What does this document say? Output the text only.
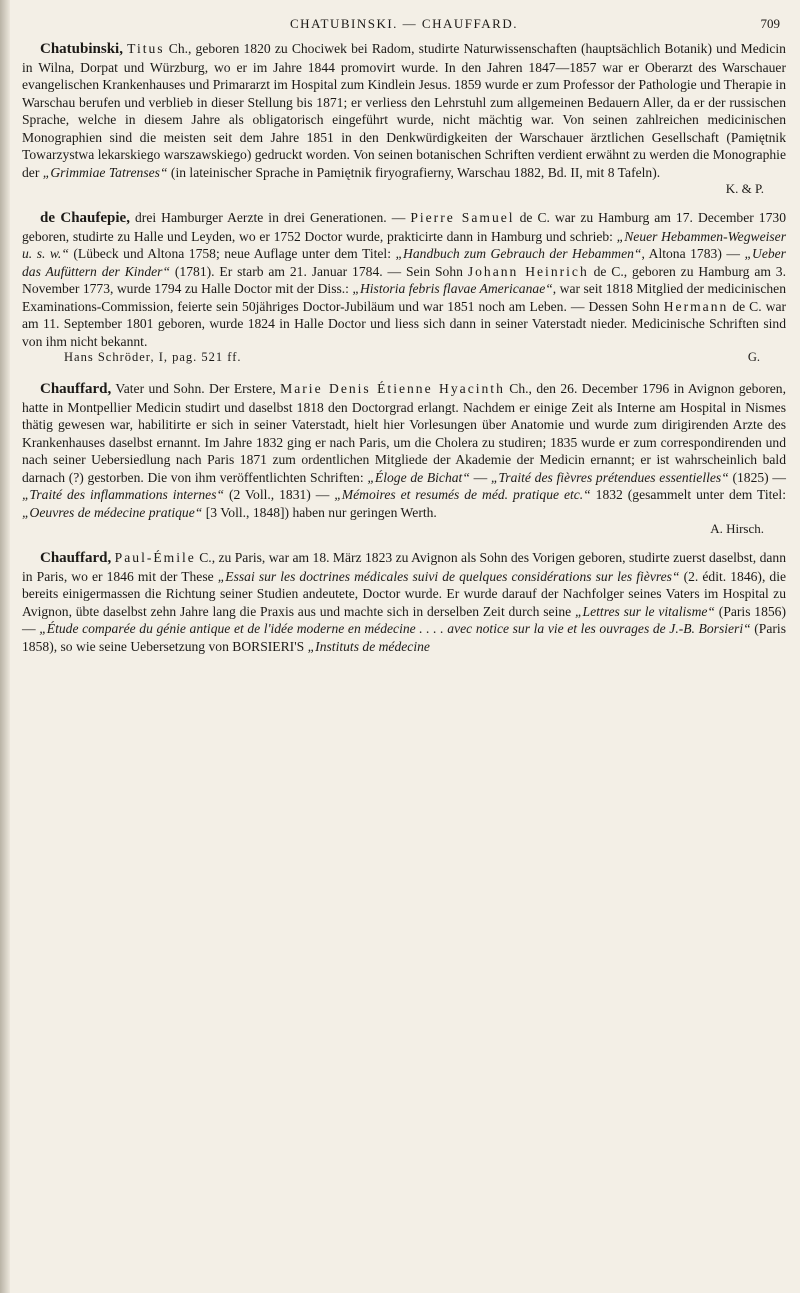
CHATUBINSKI. — CHAUFFARD.	709

Chatubinski, Titus Ch., geboren 1820 zu Chociwek bei Radom, studirte Naturwissenschaften (hauptsächlich Botanik) und Medicin in Wilna, Dorpat und Würzburg, wo er im Jahre 1844 promovirt wurde. In den Jahren 1847—1857 war er Oberarzt des Warschauer evangelischen Krankenhauses und Primararzt im Hospital zum Kindlein Jesus. 1859 wurde er zum Professor der Pathologie und Therapie in Warschau berufen und verblieb in dieser Stellung bis 1871; er verliess den Lehrstuhl zum allgemeinen Bedauern Aller, da er der russischen Sprache, welche in diesem Jahre als obligatorisch eingeführt wurde, nicht mächtig war. Von seinen zahlreichen medicinischen Monographien sind die meisten seit dem Jahre 1851 in den Denkwürdigkeiten der Warschauer ärztlichen Gesellschaft (Pamiętnik Towarzystwa lekarskiego warszawskiego) gedruckt worden. Von seinen botanischen Schriften verdient erwähnt zu werden die Monographie der „Grimmiae Tatrenses“ (in lateinischer Sprache in Pamiętnik firyografierny, Warschau 1882, Bd. II, mit 8 Tafeln).

K. & P.

de Chaufepie, drei Hamburger Aerzte in drei Generationen. — Pierre Samuel de C. war zu Hamburg am 17. December 1730 geboren, studirte zu Halle und Leyden, wo er 1752 Doctor wurde, prakticirte dann in Hamburg und schrieb: „Neuer Hebammen-Wegweiser u. s. w.“ (Lübeck und Altona 1758; neue Auflage unter dem Titel: „Handbuch zum Gebrauch der Hebammen“, Altona 1783) — „Ueber das Aufüttern der Kinder“ (1781). Er starb am 21. Januar 1784. — Sein Sohn Johann Heinrich de C., geboren zu Hamburg am 3. November 1773, wurde 1794 zu Halle Doctor mit der Diss.: „Historia febris flavae Americanae“, war seit 1818 Mitglied der medicinischen Examinations-Commission, feierte sein 50jähriges Doctor-Jubiläum und war 1851 noch am Leben. — Dessen Sohn Hermann de C. war am 11. September 1801 geboren, wurde 1824 in Halle Doctor und liess sich dann in seiner Vaterstadt nieder. Medicinische Schriften sind von ihm nicht bekannt.

Hans Schröder, I, pag. 521 ff.	G.

Chauffard, Vater und Sohn. Der Erstere, Marie Denis Étienne Hyacinth Ch., den 26. December 1796 in Avignon geboren, hatte in Montpellier Medicin studirt und daselbst 1818 den Doctorgrad erlangt. Nachdem er einige Zeit als Interne am Hospital in Nismes thätig gewesen war, habilitirte er sich in seiner Vaterstadt, hielt hier Vorlesungen über Anatomie und wurde zum dirigirenden Arzte des Krankenhauses daselbst ernannt. Im Jahre 1832 ging er nach Paris, um die Cholera zu studiren; 1835 wurde er zum correspondirenden und nach seiner Uebersiedlung nach Paris 1871 zum ordentlichen Mitgliede der Akademie der Medicin ernannt; er ist wahrscheinlich bald darnach (?) gestorben. Die von ihm veröffentlichten Schriften: „Éloge de Bichat“ — „Traité des fièvres prétendues essentielles“ (1825) — „Traité des inflammations internes“ (2 Voll., 1831) — „Mémoires et resumés de méd. pratique etc.“ 1832 (gesammelt unter dem Titel: „Oeuvres de médecine pratique“ [3 Voll., 1848]) haben nur geringen Werth.

A. Hirsch.

Chauffard, Paul-Émile C., zu Paris, war am 18. März 1823 zu Avignon als Sohn des Vorigen geboren, studirte zuerst daselbst, dann in Paris, wo er 1846 mit der These „Essai sur les doctrines médicales suivi de quelques considérations sur les fièvres“ (2. édit. 1846), die bereits einigermassen die Richtung seiner Studien andeutete, Doctor wurde. Er wurde darauf der Nachfolger seines Vaters im Hospital zu Avignon, übte daselbst zehn Jahre lang die Praxis aus und machte sich in derselben Zeit durch seine „Lettres sur le vitalisme“ (Paris 1856) — „Étude comparée du génie antique et de l'idée moderne en médecine . . . . avec notice sur la vie et les ouvrages de J.-B. Borsieri“ (Paris 1858), so wie seine Uebersetzung von BORSIERI'S „Instituts de médecine
